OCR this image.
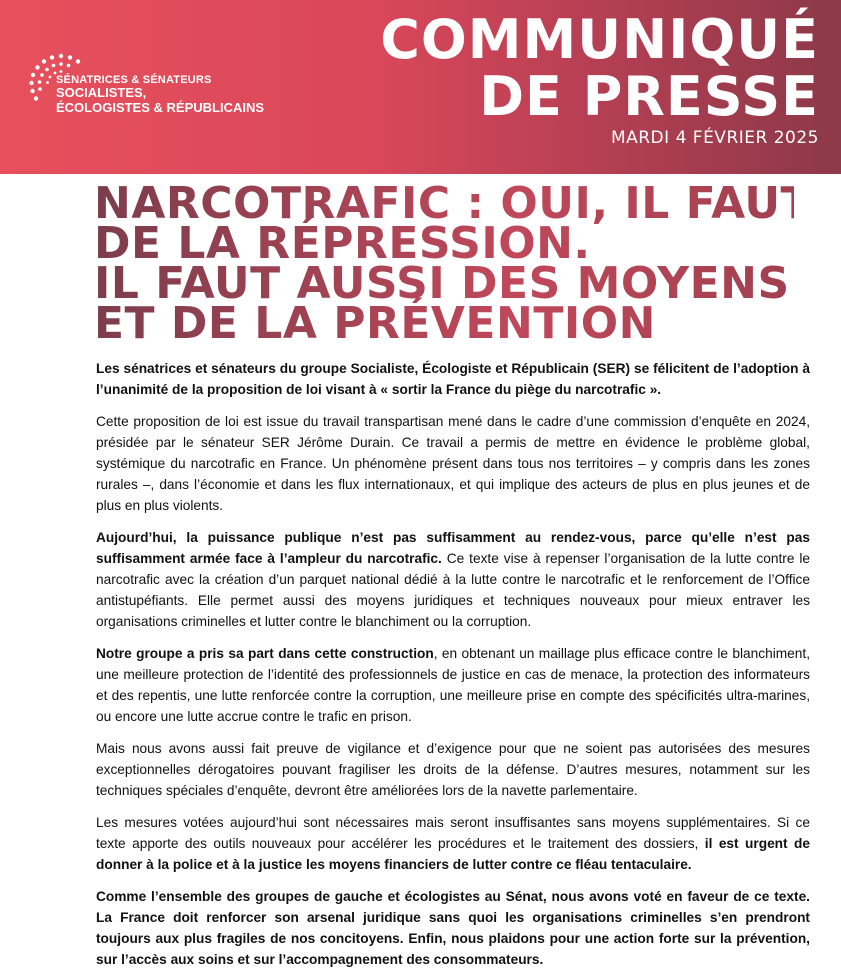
SÉNATRICES & SÉNATEURS
SOCIALISTES,
ÉCOLOGISTES & RÉPUBLICAINS
COMMUNIQUÉ
DE PRESSE
MARDI 4 FÉVRIER 2025
NARCOTRAFIC : OUI, IL FAUT
DE LA RÉPRESSION.
IL FAUT AUSSI DES MOYENS
ET DE LA PRÉVENTION

Les sénatrices et sénateurs du groupe Socialiste, Écologiste et Républicain (SER) se félicitent de l’adoption à l’unanimité de la proposition de loi visant à « sortir la France du piège du narcotrafic ».

Cette proposition de loi est issue du travail transpartisan mené dans le cadre d’une commission d’enquête en 2024, présidée par le sénateur SER Jérôme Durain. Ce travail a permis de mettre en évidence le problème global, systémique du narcotrafic en France. Un phénomène présent dans tous nos territoires – y compris dans les zones rurales –, dans l’économie et dans les flux internationaux, et qui implique des acteurs de plus en plus jeunes et de plus en plus violents.

Aujourd’hui, la puissance publique n’est pas suffisamment au rendez-vous, parce qu’elle n’est pas suffisamment armée face à l’ampleur du narcotrafic. Ce texte vise à repenser l’organisation de la lutte contre le narcotrafic avec la création d’un parquet national dédié à la lutte contre le narcotrafic et le renforcement de l’Office antistupéfiants. Elle permet aussi des moyens juridiques et techniques nouveaux pour mieux entraver les organisations criminelles et lutter contre le blanchiment ou la corruption.

Notre groupe a pris sa part dans cette construction, en obtenant un maillage plus efficace contre le blanchiment, une meilleure protection de l’identité des professionnels de justice en cas de menace, la protection des informateurs et des repentis, une lutte renforcée contre la corruption, une meilleure prise en compte des spécificités ultra-marines, ou encore une lutte accrue contre le trafic en prison.

Mais nous avons aussi fait preuve de vigilance et d’exigence pour que ne soient pas autorisées des mesures exceptionnelles dérogatoires pouvant fragiliser les droits de la défense. D’autres mesures, notamment sur les techniques spéciales d’enquête, devront être améliorées lors de la navette parlementaire.

Les mesures votées aujourd’hui sont nécessaires mais seront insuffisantes sans moyens supplémentaires. Si ce texte apporte des outils nouveaux pour accélérer les procédures et le traitement des dossiers, il est urgent de donner à la police et à la justice les moyens financiers de lutter contre ce fléau tentaculaire.

Comme l’ensemble des groupes de gauche et écologistes au Sénat, nous avons voté en faveur de ce texte. La France doit renforcer son arsenal juridique sans quoi les organisations criminelles s’en prendront toujours aux plus fragiles de nos concitoyens. Enfin, nous plaidons pour une action forte sur la prévention, sur l’accès aux soins et sur l’accompagnement des consommateurs.
